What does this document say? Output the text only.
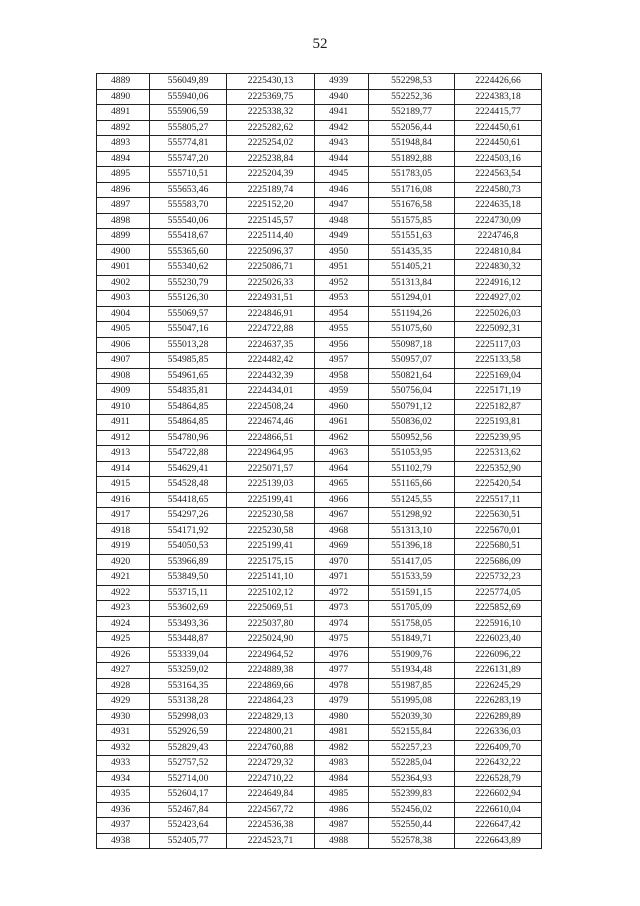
52
4889	556049,89	2225430,13	4939	552298,53	2224426,66
4890	555940,06	2225369,75	4940	552252,36	2224383,18
4891	555906,59	2225338,32	4941	552189,77	2224415,77
4892	555805,27	2225282,62	4942	552056,44	2224450,61
4893	555774,81	2225254,02	4943	551948,84	2224450,61
4894	555747,20	2225238,84	4944	551892,88	2224503,16
4895	555710,51	2225204,39	4945	551783,05	2224563,54
4896	555653,46	2225189,74	4946	551716,08	2224580,73
4897	555583,70	2225152,20	4947	551676,58	2224635,18
4898	555540,06	2225145,57	4948	551575,85	2224730,09
4899	555418,67	2225114,40	4949	551551,63	2224746,8
4900	555365,60	2225096,37	4950	551435,35	2224810,84
4901	555340,62	2225086,71	4951	551405,21	2224830,32
4902	555230,79	2225026,33	4952	551313,84	2224916,12
4903	555126,30	2224931,51	4953	551294,01	2224927,02
4904	555069,57	2224846,91	4954	551194,26	2225026,03
4905	555047,16	2224722,88	4955	551075,60	2225092,31
4906	555013,28	2224637,35	4956	550987,18	2225117,03
4907	554985,85	2224482,42	4957	550957,07	2225133,58
4908	554961,65	2224432,39	4958	550821,64	2225169,04
4909	554835,81	2224434,01	4959	550756,04	2225171,19
4910	554864,85	2224508,24	4960	550791,12	2225182,87
4911	554864,85	2224674,46	4961	550836,02	2225193,81
4912	554780,96	2224866,51	4962	550952,56	2225239,95
4913	554722,88	2224964,95	4963	551053,95	2225313,62
4914	554629,41	2225071,57	4964	551102,79	2225352,90
4915	554528,48	2225139,03	4965	551165,66	2225420,54
4916	554418,65	2225199,41	4966	551245,55	2225517,11
4917	554297,26	2225230,58	4967	551298,92	2225630,51
4918	554171,92	2225230,58	4968	551313,10	2225670,01
4919	554050,53	2225199,41	4969	551396,18	2225680,51
4920	553966,89	2225175,15	4970	551417,05	2225686,09
4921	553849,50	2225141,10	4971	551533,59	2225732,23
4922	553715,11	2225102,12	4972	551591,15	2225774,05
4923	553602,69	2225069,51	4973	551705,09	2225852,69
4924	553493,36	2225037,80	4974	551758,05	2225916,10
4925	553448,87	2225024,90	4975	551849,71	2226023,40
4926	553339,04	2224964,52	4976	551909,76	2226096,22
4927	553259,02	2224889,38	4977	551934,48	2226131,89
4928	553164,35	2224869,66	4978	551987,85	2226245,29
4929	553138,28	2224864,23	4979	551995,08	2226283,19
4930	552998,03	2224829,13	4980	552039,30	2226289,89
4931	552926,59	2224800,21	4981	552155,84	2226336,03
4932	552829,43	2224760,88	4982	552257,23	2226409,70
4933	552757,52	2224729,32	4983	552285,04	2226432,22
4934	552714,00	2224710,22	4984	552364,93	2226528,79
4935	552604,17	2224649,84	4985	552399,83	2226602,94
4936	552467,84	2224567,72	4986	552456,02	2226610,04
4937	552423,64	2224536,38	4987	552550,44	2226647,42
4938	552405,77	2224523,71	4988	552578,38	2226643,89
